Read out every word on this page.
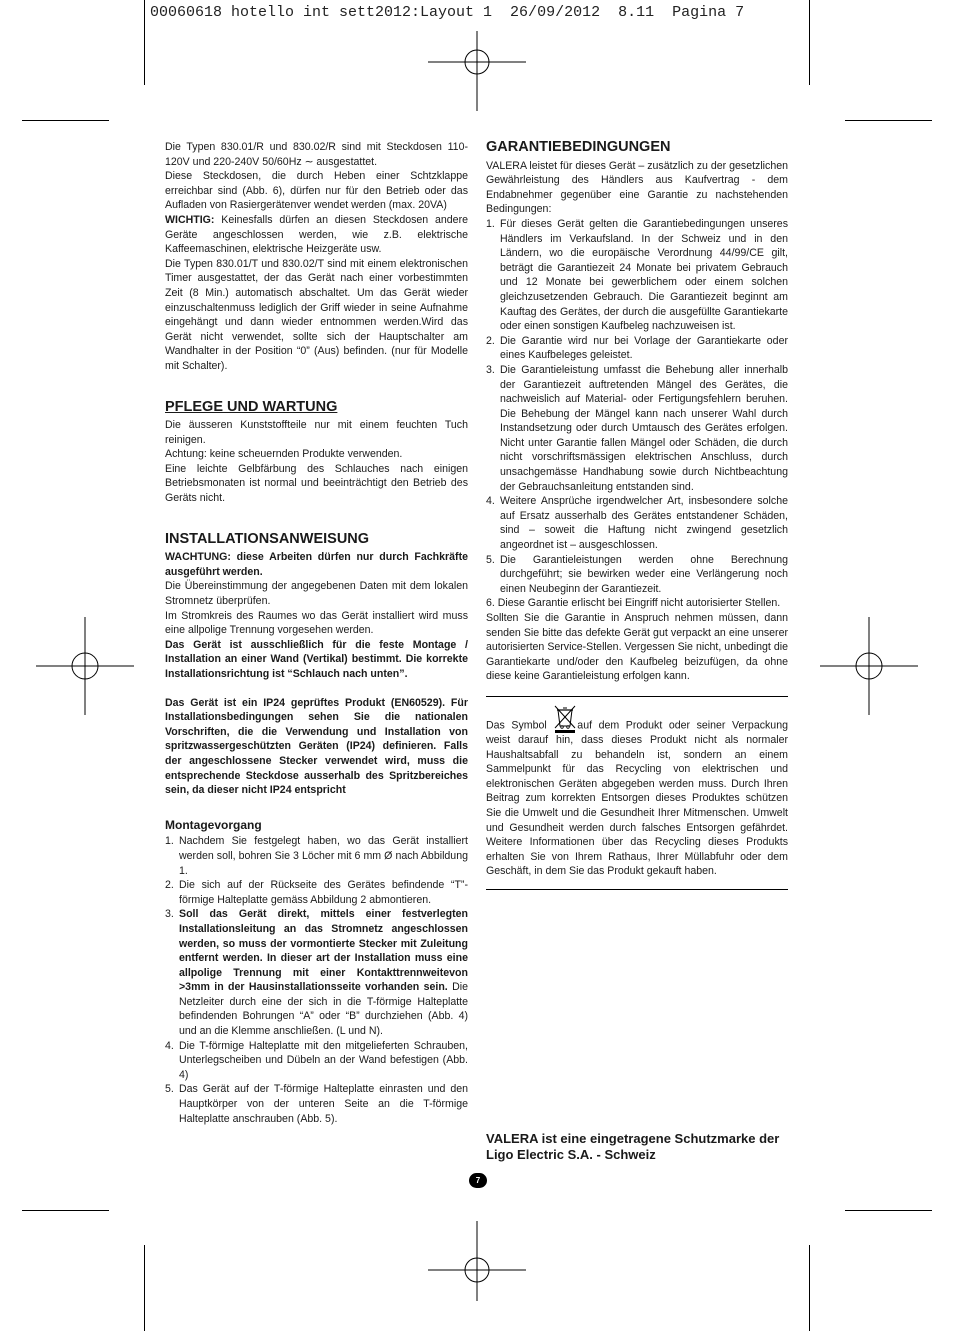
00060618 hotello int sett2012:Layout 1  26/09/2012  8.11  Pagina 7

Die Typen 830.01/R und 830.02/R sind mit Steckdosen 110-120V und 220-240V 50/60Hz ∼ ausgestattet.

Diese Steckdosen, die durch Heben einer Schtzklappe erreichbar sind (Abb. 6), dürfen nur für den Betrieb oder das Aufladen von Rasiergerätenver wendet werden (max. 20VA)

WICHTIG: Keinesfalls dürfen an diesen Steckdosen andere Geräte angeschlossen werden, wie z.B. elektrische Kaffeemaschinen, elektrische Heizgeräte usw.

Die Typen 830.01/T und 830.02/T sind mit einem elektronischen Timer ausgestattet, der das Gerät nach einer vorbestimmten Zeit (8 Min.) automatisch abschaltet. Um das Gerät wieder einzuschaltenmuss lediglich der Griff wieder in seine Aufnahme eingehängt und dann wieder entnommen werden.Wird das Gerät nicht verwendet, sollte sich der Hauptschalter am Wandhalter in der Position “0” (Aus) befinden. (nur für Modelle mit Schalter).

PFLEGE UND WARTUNG

Die äusseren Kunststoffteile nur mit einem feuchten Tuch reinigen.

Achtung: keine scheuernden Produkte verwenden.

Eine leichte Gelbfärbung des Schlauches nach einigen Betriebsmonaten ist normal und beeinträchtigt den Betrieb des Geräts nicht.

INSTALLATIONSANWEISUNG

WACHTUNG: diese Arbeiten dürfen nur durch Fachkräfte ausgeführt werden.

Die Übereinstimmung der angegebenen Daten mit dem lokalen Stromnetz überprüfen.

Im Stromkreis des Raumes wo das Gerät installiert wird muss eine allpolige Trennung vorgesehen werden.

Das Gerät ist ausschließlich für die feste Montage / Installation an einer Wand (Vertikal) bestimmt. Die korrekte Installationsrichtung ist “Schlauch nach unten”.

Das Gerät ist ein IP24 geprüftes Produkt (EN60529). Für Installationsbedingungen sehen Sie die nationalen Vorschriften, die die Verwendung und Installation von spritzwassergeschützten Geräten (IP24) definieren. Falls der angeschlossene Stecker verwendet wird, muss die entsprechende Steckdose ausserhalb des Spritzbereiches sein, da dieser nicht IP24 entspricht

Montagevorgang
1. Nachdem Sie festgelegt haben, wo das Gerät installiert werden soll, bohren Sie 3 Löcher mit 6 mm Ø nach Abbildung 1.
2. Die sich auf der Rückseite des Gerätes befindende “T”-förmige Halteplatte gemäss Abbildung 2 abmontieren.
3. Soll das Gerät direkt, mittels einer festverlegten Installationsleitung an das Stromnetz angeschlossen werden, so muss der vormontierte Stecker mit Zuleitung entfernt werden. In dieser art der Installation muss eine allpolige Trennung mit einer Kontakttrennweitevon >3mm in der Hausinstallationsseite vorhanden sein. Die Netzleiter durch eine der sich in die T-förmige Halteplatte befindenden Bohrungen “A” oder “B” durchziehen (Abb. 4) und an die Klemme anschließen. (L und N).
4. Die T-förmige Halteplatte mit den mitgelieferten Schrauben, Unterlegscheiben und Dübeln an der Wand befestigen (Abb. 4)
5. Das Gerät auf der T-förmige Halteplatte einrasten und den Hauptkörper von der unteren Seite an die T-förmige Halteplatte anschrauben (Abb. 5).
GARANTIEBEDINGUNGEN

VALERA leistet für dieses Gerät – zusätzlich zu der gesetzlichen Gewährleistung des Händlers aus Kaufvertrag - dem Endabnehmer gegenüber eine Garantie zu nachstehenden Bedingungen:

1. Für dieses Gerät gelten die Garantiebedingungen unseres Händlers im Verkaufsland. In der Schweiz und in den Ländern, wo die europäische Verordnung 44/99/CE gilt, beträgt die Garantiezeit 24 Monate bei privatem Gebrauch und 12 Monate bei gewerblichem oder einem solchen gleichzusetzenden Gebrauch. Die Garantiezeit beginnt am Kauftag des Gerätes, der durch die ausgefüllte Garantiekarte oder einen sonstigen Kaufbeleg nachzuweisen ist.
2. Die Garantie wird nur bei Vorlage der Garantiekarte oder eines Kaufbeleges geleistet.
3. Die Garantieleistung umfasst die Behebung aller innerhalb der Garantiezeit auftretenden Mängel des Gerätes, die nachweislich auf Material- oder Fertigungsfehlern beruhen. Die Behebung der Mängel kann nach unserer Wahl durch Instandsetzung oder durch Umtausch des Gerätes erfolgen. Nicht unter Garantie fallen Mängel oder Schäden, die durch nicht vorschriftsmässigen elektrischen Anschluss, durch unsachgemässe Handhabung sowie durch Nichtbeachtung der Gebrauchsanleitung entstanden sind.
4. Weitere Ansprüche irgendwelcher Art, insbesondere solche auf Ersatz ausserhalb des Gerätes entstandener Schäden, sind – soweit die Haftung nicht zwingend gesetzlich angeordnet ist – ausgeschlossen.
5. Die Garantieleistungen werden ohne Berechnung durchgeführt; sie bewirken weder eine Verlängerung noch einen Neubeginn der Garantiezeit.

6. Diese Garantie erlischt bei Eingriff nicht autorisierter Stellen.

Sollten Sie die Garantie in Anspruch nehmen müssen, dann senden Sie bitte das defekte Gerät gut verpackt an eine unserer autorisierten Service-Stellen. Vergessen Sie nicht, unbedingt die Garantiekarte und/oder den Kaufbeleg beizufügen, da ohne diese keine Garantieleistung erfolgen kann.

Das Symbol auf dem Produkt oder seiner Verpackung weist darauf hin, dass dieses Produkt nicht als normaler Haushaltsabfall zu behandeln ist, sondern an einem Sammelpunkt für das Recycling von elektrischen und elektronischen Geräten abgegeben werden muss. Durch Ihren Beitrag zum korrekten Entsorgen dieses Produktes schützen Sie die Umwelt und die Gesundheit Ihrer Mitmenschen. Umwelt und Gesundheit werden durch falsches Entsorgen gefährdet. Weitere Informationen über das Recycling dieses Produkts erhalten Sie von Ihrem Rathaus, Ihrer Müllabfuhr oder dem Geschäft, in dem Sie das Produkt gekauft haben.

VALERA ist eine eingetragene Schutzmarke der
Ligo Electric S.A. - Schweiz
7
